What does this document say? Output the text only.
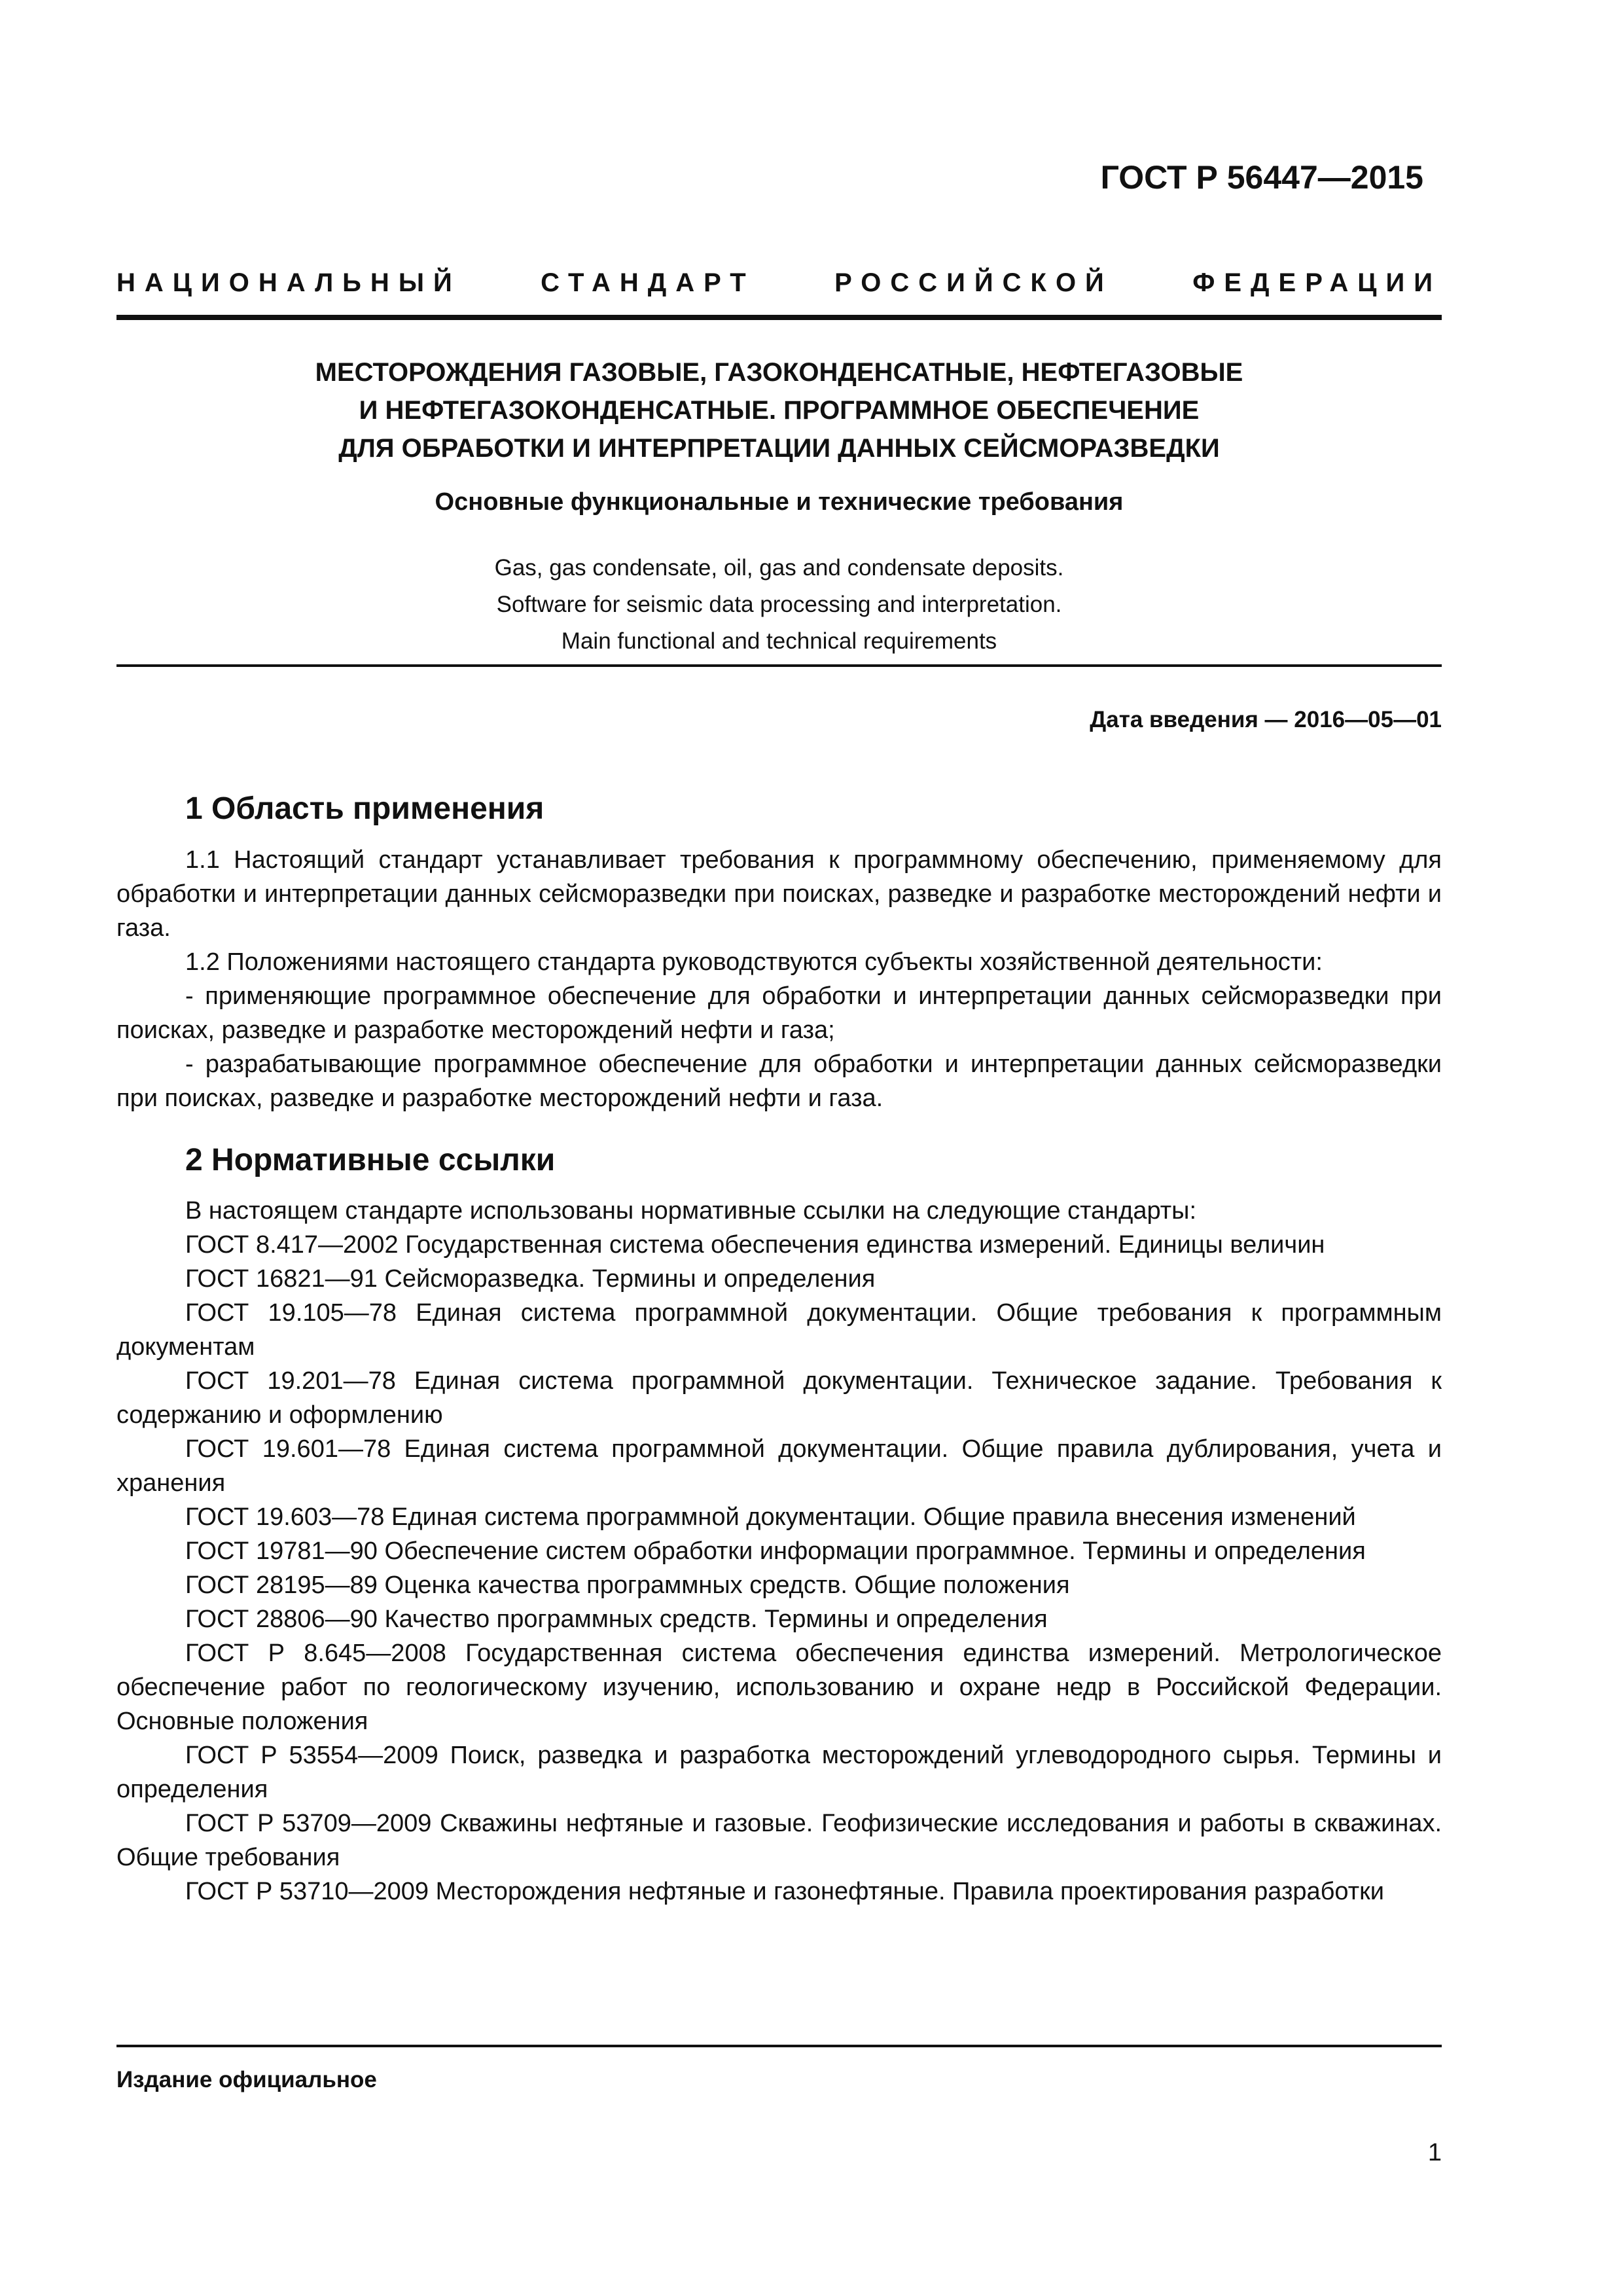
ГОСТ Р 56447—2015
НАЦИОНАЛЬНЫЙ СТАНДАРТ РОССИЙСКОЙ ФЕДЕРАЦИИ
МЕСТОРОЖДЕНИЯ ГАЗОВЫЕ, ГАЗОКОНДЕНСАТНЫЕ, НЕФТЕГАЗОВЫЕ
И НЕФТЕГАЗОКОНДЕНСАТНЫЕ. ПРОГРАММНОЕ ОБЕСПЕЧЕНИЕ
ДЛЯ ОБРАБОТКИ И ИНТЕРПРЕТАЦИИ ДАННЫХ СЕЙСМОРАЗВЕДКИ
Основные функциональные и технические требования
Gas, gas condensate, oil, gas and condensate deposits.
Software for seismic data processing and interpretation.
Main functional and technical requirements
Дата введения — 2016—05—01
1 Область применения

1.1 Настоящий стандарт устанавливает требования к программному обеспечению, применяемому для обработки и интерпретации данных сейсморазведки при поисках, разведке и разработке месторождений нефти и газа.

1.2 Положениями настоящего стандарта руководствуются субъекты хозяйственной деятельности:

- применяющие программное обеспечение для обработки и интерпретации данных сейсморазведки при поисках, разведке и разработке месторождений нефти и газа;

- разрабатывающие программное обеспечение для обработки и интерпретации данных сейсморазведки при поисках, разведке и разработке месторождений нефти и газа.

2 Нормативные ссылки

В настоящем стандарте использованы нормативные ссылки на следующие стандарты:

ГОСТ 8.417—2002 Государственная система обеспечения единства измерений. Единицы величин

ГОСТ 16821—91 Сейсморазведка. Термины и определения

ГОСТ 19.105—78 Единая система программной документации. Общие требования к программным документам

ГОСТ 19.201—78 Единая система программной документации. Техническое задание. Требования к содержанию и оформлению

ГОСТ 19.601—78 Единая система программной документации. Общие правила дублирования, учета и хранения

ГОСТ 19.603—78 Единая система программной документации. Общие правила внесения изменений

ГОСТ 19781—90 Обеспечение систем обработки информации программное. Термины и определения

ГОСТ 28195—89 Оценка качества программных средств. Общие положения

ГОСТ 28806—90 Качество программных средств. Термины и определения

ГОСТ Р 8.645—2008 Государственная система обеспечения единства измерений. Метрологическое обеспечение работ по геологическому изучению, использованию и охране недр в Российской Федерации. Основные положения

ГОСТ Р 53554—2009 Поиск, разведка и разработка месторождений углеводородного сырья. Термины и определения

ГОСТ Р 53709—2009 Скважины нефтяные и газовые. Геофизические исследования и работы в скважинах. Общие требования

ГОСТ Р 53710—2009 Месторождения нефтяные и газонефтяные. Правила проектирования разработки

Издание официальное
1
